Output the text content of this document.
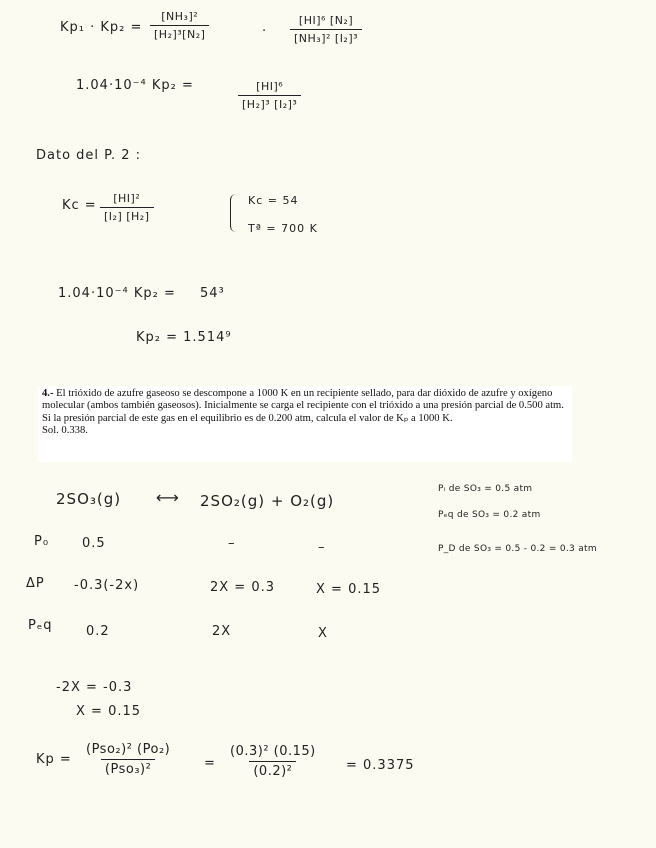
$Kp_1 \cdot Kp_2 = \frac{\text{[NH₃]²}}{\text{[H₂]³[N₂]}}$	· $\frac{\text{[HI]⁶ [N₂]}}{\text{[NH₃]² [I₂]³}}$
1.04·10⁻⁴ Kp₂ =	$\frac{\text{[HI]⁶}}{\text{[H₂]³ [I₂]³}}$
Dato del P. 2 :
$Kc = \frac{\text{[HI]²}}{\text{[I₂] [H₂]}}$	Kc = 54
Tª = 700 K
1.04·10⁻⁴ Kp₂ = 54³
Kp₂ = 1.514⁹
4.- El trióxido de azufre gaseoso se descompone a 1000 K en un recipiente sellado, para dar dióxido de azufre y oxígeno molecular (ambos también gaseosos). Inicialmente se carga el recipiente con el trióxido a una presión parcial de 0.500 atm. Si la presión parcial de este gas en el equilibrio es de 0.200 atm, calcula el valor de Kₚ a 1000 K.
Sol. 0.338.
2SO₃(g) ⟷ 2SO₂(g) + O₂(g)
Pᵢ de SO₃ = 0.5 atm
Pₑq de SO₃ = 0.2 atm
P_D de SO₃ = 0.5 - 0.2 = 0.3 atm
P₀	0.5	–	–
ΔP -0.3(-2x)	2X = 0.3	X = 0.15
Pₑq	0.2	2X	X
-2X = -0.3
X = 0.15
Kp =
(Pso₂)² (Po₂)
(Pso₃)²	= $\frac{\text{(0.3)² (0.15)}}{\text{(0.2)²}} = 0.3375$
